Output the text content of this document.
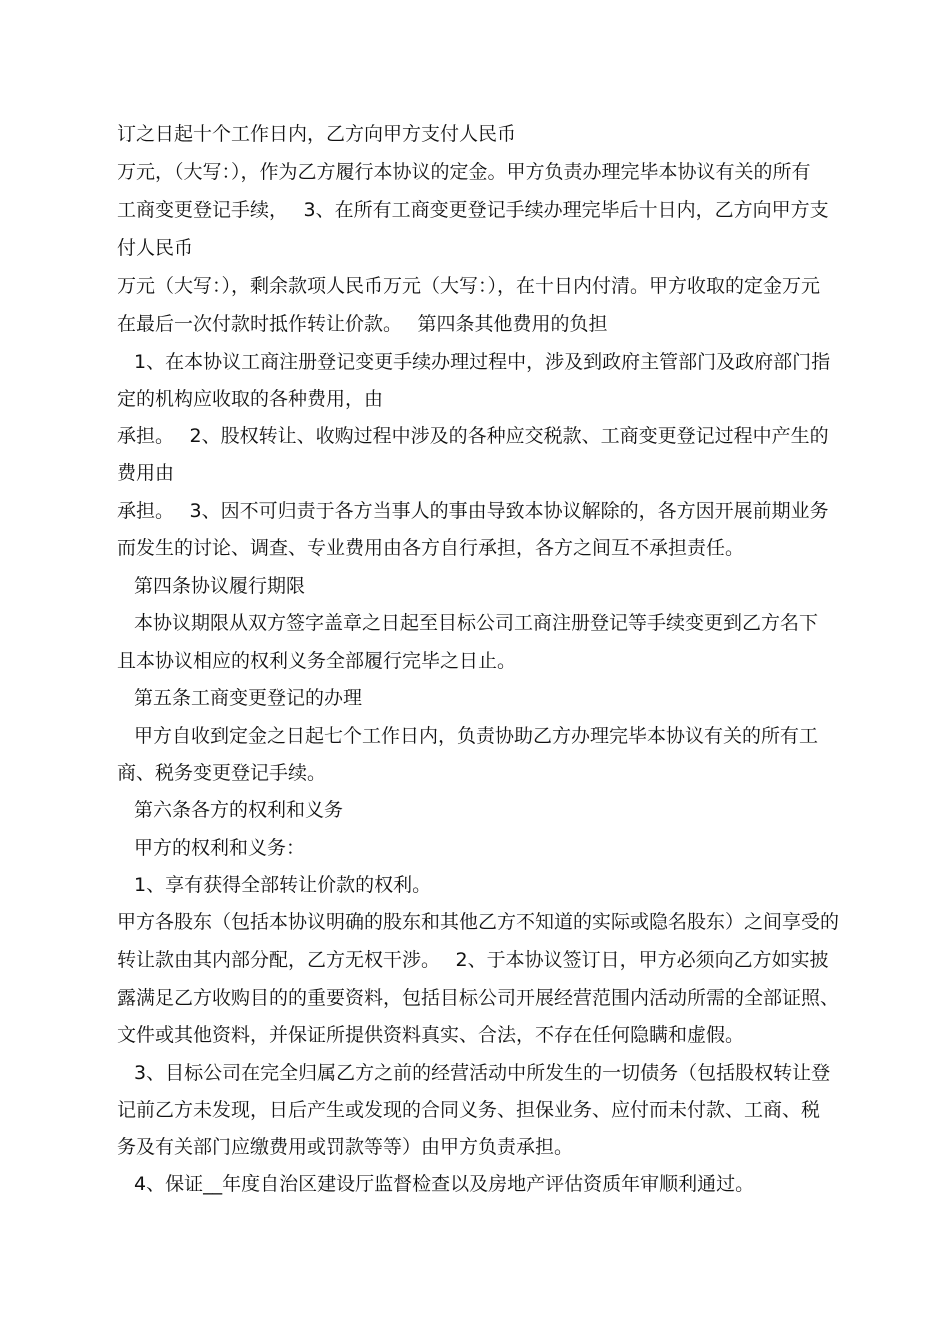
订之日起十个工作日内，乙方向甲方支付人民币
万元，（大写：），作为乙方履行本协议的定金。甲方负责办理完毕本协议有关的所有
工商变更登记手续，　 3、在所有工商变更登记手续办理完毕后十日内，乙方向甲方支
付人民币
万元（大写：），剩余款项人民币万元（大写：），在十日内付清。甲方收取的定金万元
在最后一次付款时抵作转让价款。　 第四条其他费用的负担
1、在本协议工商注册登记变更手续办理过程中，涉及到政府主管部门及政府部门指
定的机构应收取的各种费用，由
承担。　 2、股权转让、收购过程中涉及的各种应交税款、工商变更登记过程中产生的
费用由
承担。　 3、因不可归责于各方当事人的事由导致本协议解除的，各方因开展前期业务
而发生的讨论、调查、专业费用由各方自行承担，各方之间互不承担责任。
第四条协议履行期限
本协议期限从双方签字盖章之日起至目标公司工商注册登记等手续变更到乙方名下
且本协议相应的权利义务全部履行完毕之日止。
第五条工商变更登记的办理
甲方自收到定金之日起七个工作日内，负责协助乙方办理完毕本协议有关的所有工
商、税务变更登记手续。
第六条各方的权利和义务
甲方的权利和义务：
1、享有获得全部转让价款的权利。
甲方各股东（包括本协议明确的股东和其他乙方不知道的实际或隐名股东）之间享受的
转让款由其内部分配，乙方无权干涉。　 2、于本协议签订日，甲方必须向乙方如实披
露满足乙方收购目的的重要资料，包括目标公司开展经营范围内活动所需的全部证照、
文件或其他资料，并保证所提供资料真实、合法，不存在任何隐瞒和虚假。
3、目标公司在完全归属乙方之前的经营活动中所发生的一切债务（包括股权转让登
记前乙方未发现，日后产生或发现的合同义务、担保业务、应付而未付款、工商、税
务及有关部门应缴费用或罚款等等）由甲方负责承担。
4、保证__年度自治区建设厅监督检查以及房地产评估资质年审顺利通过。
